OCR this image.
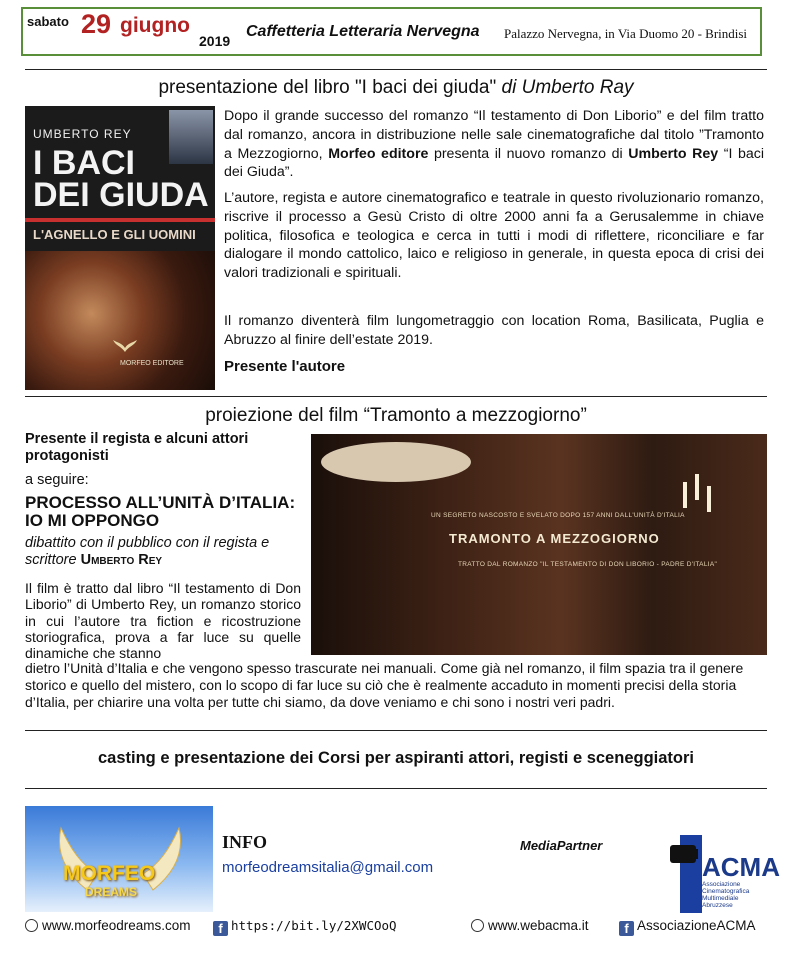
sabato 29 giugno
2019
Caffetteria Letteraria Nervegna Palazzo Nervegna, in Via Duomo 20 - Brindisi
presentazione del libro "I baci dei giuda" di Umberto Ray
UMBERTO REY
I BACI
DEI GIUDA
L'AGNELLO E GLI UOMINI
MORFEO EDITORE
Dopo il grande successo del romanzo “Il testamento di Don Liborio” e del film tratto dal romanzo, ancora in distribuzione nelle sale cinematografiche dal titolo ”Tramonto a Mezzogiorno, Morfeo editore presenta il nuovo romanzo di Umberto Rey “I baci dei Giuda”.
L’autore, regista e autore cinematografico e teatrale in questo rivoluzionario romanzo, riscrive il processo a Gesù Cristo di oltre 2000 anni fa a Gerusalemme in chiave politica, filosofica e teologica e cerca in tutti i modi di riflettere, riconciliare e far dialogare il mondo cattolico, laico e religioso in generale, in questa epoca di crisi dei valori tradizionali e spirituali.
Il romanzo diventerà film lungometraggio con location Roma, Basilicata, Puglia e Abruzzo al finire dell’estate 2019.
Presente l'autore
proiezione del film “Tramonto a mezzogiorno”
Presente il regista e alcuni attori protagonisti
a seguire:
PROCESSO ALL’UNITÀ D’ITALIA: IO MI OPPONGO
dibattito con il pubblico con il regista e scrittore Umberto Rey
Il film è tratto dal libro “Il testamento di Don Liborio” di Umberto Rey, un romanzo storico in cui l’autore tra fiction e ricostruzione storiografica, prova a far luce su quelle dinamiche che stanno
UN SEGRETO NASCOSTO E SVELATO DOPO 157 ANNI DALL'UNITÀ D'ITALIA
TRAMONTO A MEZZOGIORNO
TRATTO DAL ROMANZO "IL TESTAMENTO DI DON LIBORIO - PADRE D'ITALIA"
dietro l’Unità d’Italia e che vengono spesso trascurate nei manuali. Come già nel romanzo, il film spazia tra il genere storico e quello del mistero, con lo scopo di far luce su ciò che è realmente accaduto in momenti precisi della storia d’Italia, per chiarire una volta per tutte chi siamo, da dove veniamo e chi sono i nostri veri padri.
casting e presentazione dei Corsi per aspiranti attori, registi e sceneggiatori
MORFEO
DREAMS
INFO
morfeodreamsitalia@gmail.com
MediaPartner
ACMA
Associazione Cinematografica Multimediale Abruzzese
www.morfeodreams.com	f https://bit.ly/2XWCOoQ	www.webacma.it	f AssociazioneACMA
